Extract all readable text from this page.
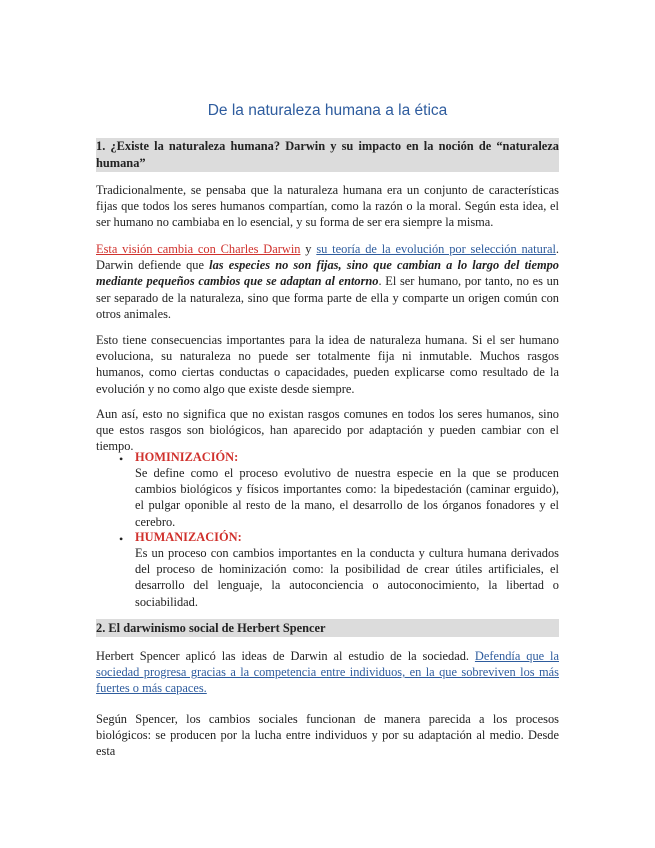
De la naturaleza humana a la ética

1. ¿Existe la naturaleza humana? Darwin y su impacto en la noción de “naturaleza humana”

Tradicionalmente, se pensaba que la naturaleza humana era un conjunto de características fijas que todos los seres humanos compartían, como la razón o la moral. Según esta idea, el ser humano no cambiaba en lo esencial, y su forma de ser era siempre la misma.

Esta visión cambia con Charles Darwin y su teoría de la evolución por selección natural. Darwin defiende que las especies no son fijas, sino que cambian a lo largo del tiempo mediante pequeños cambios que se adaptan al entorno. El ser humano, por tanto, no es un ser separado de la naturaleza, sino que forma parte de ella y comparte un origen común con otros animales.

Esto tiene consecuencias importantes para la idea de naturaleza humana. Si el ser humano evoluciona, su naturaleza no puede ser totalmente fija ni inmutable. Muchos rasgos humanos, como ciertas conductas o capacidades, pueden explicarse como resultado de la evolución y no como algo que existe desde siempre.

Aun así, esto no significa que no existan rasgos comunes en todos los seres humanos, sino que estos rasgos son biológicos, han aparecido por adaptación y pueden cambiar con el tiempo.

• HOMINIZACIÓN:

Se define como el proceso evolutivo de nuestra especie en la que se producen cambios biológicos y físicos importantes como: la bipedestación (caminar erguido), el pulgar oponible al resto de la mano, el desarrollo de los órganos fonadores y el cerebro.

• HUMANIZACIÓN:

Es un proceso con cambios importantes en la conducta y cultura humana derivados del proceso de hominización como: la posibilidad de crear útiles artificiales, el desarrollo del lenguaje, la autoconciencia o autoconocimiento, la libertad o sociabilidad.

2. El darwinismo social de Herbert Spencer

Herbert Spencer aplicó las ideas de Darwin al estudio de la sociedad. Defendía que la sociedad progresa gracias a la competencia entre individuos, en la que sobreviven los más fuertes o más capaces.

Según Spencer, los cambios sociales funcionan de manera parecida a los procesos biológicos: se producen por la lucha entre individuos y por su adaptación al medio. Desde esta
